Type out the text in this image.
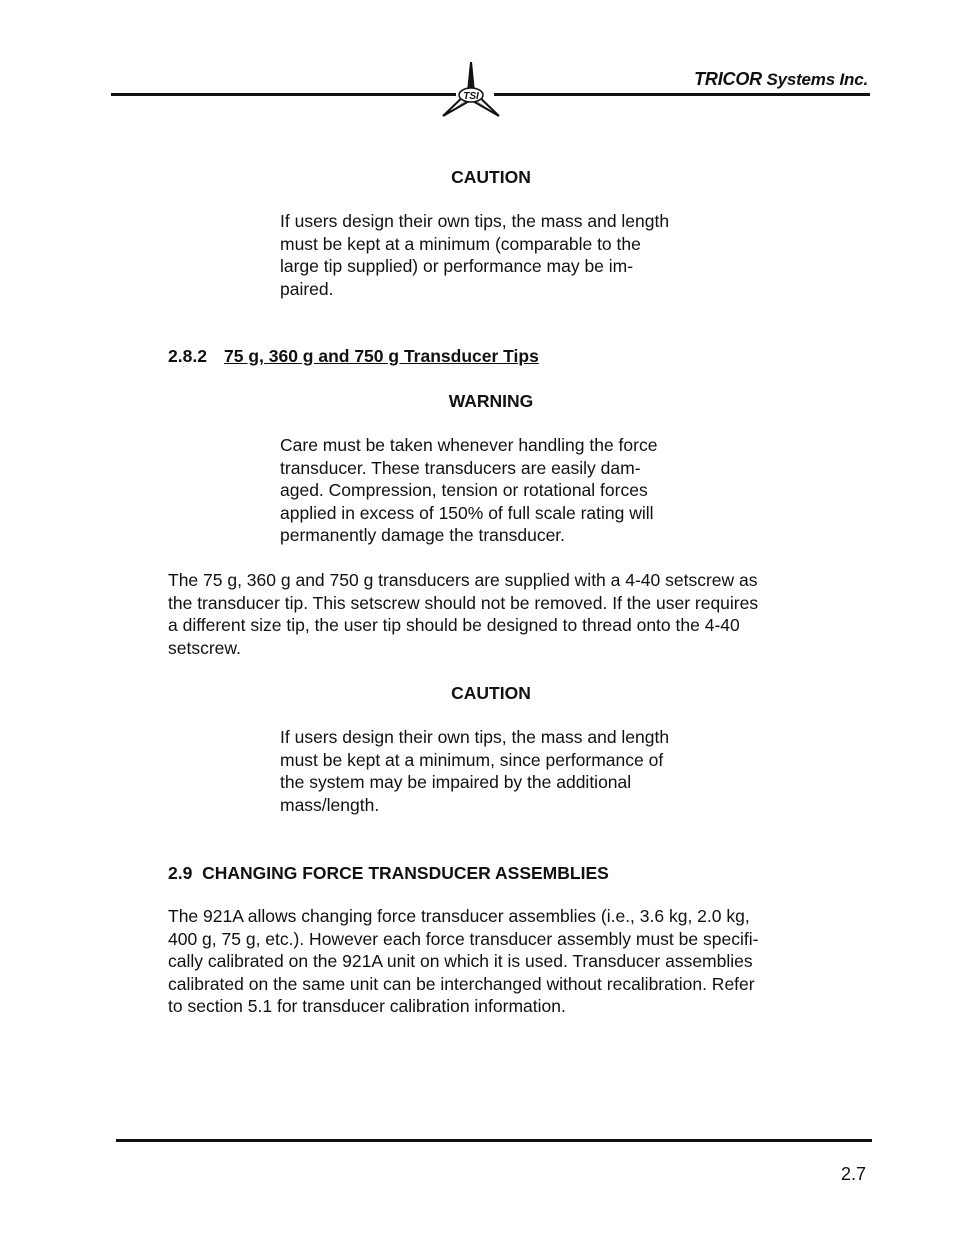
TSI
TRICOR Systems Inc.
CAUTION
If users design their own tips, the mass and length
must be kept at a minimum (comparable to the
large tip supplied) or performance may be im-
paired.
2.8.2 75 g, 360 g and 750 g Transducer Tips
WARNING
Care must be taken whenever handling the force
transducer. These transducers are easily dam-
aged. Compression, tension or rotational forces
applied in excess of 150% of full scale rating will
permanently damage the transducer.
The 75 g, 360 g and 750 g transducers are supplied with a 4-40 setscrew as
the transducer tip. This setscrew should not be removed. If the user requires
a different size tip, the user tip should be designed to thread onto the 4-40
setscrew.
CAUTION
If users design their own tips, the mass and length
must be kept at a minimum, since performance of
the system may be impaired by the additional
mass/length.
2.9 CHANGING FORCE TRANSDUCER ASSEMBLIES
The 921A allows changing force transducer assemblies (i.e., 3.6 kg, 2.0 kg,
400 g, 75 g, etc.). However each force transducer assembly must be specifi-
cally calibrated on the 921A unit on which it is used. Transducer assemblies
calibrated on the same unit can be interchanged without recalibration. Refer
to section 5.1 for transducer calibration information.
2.7
